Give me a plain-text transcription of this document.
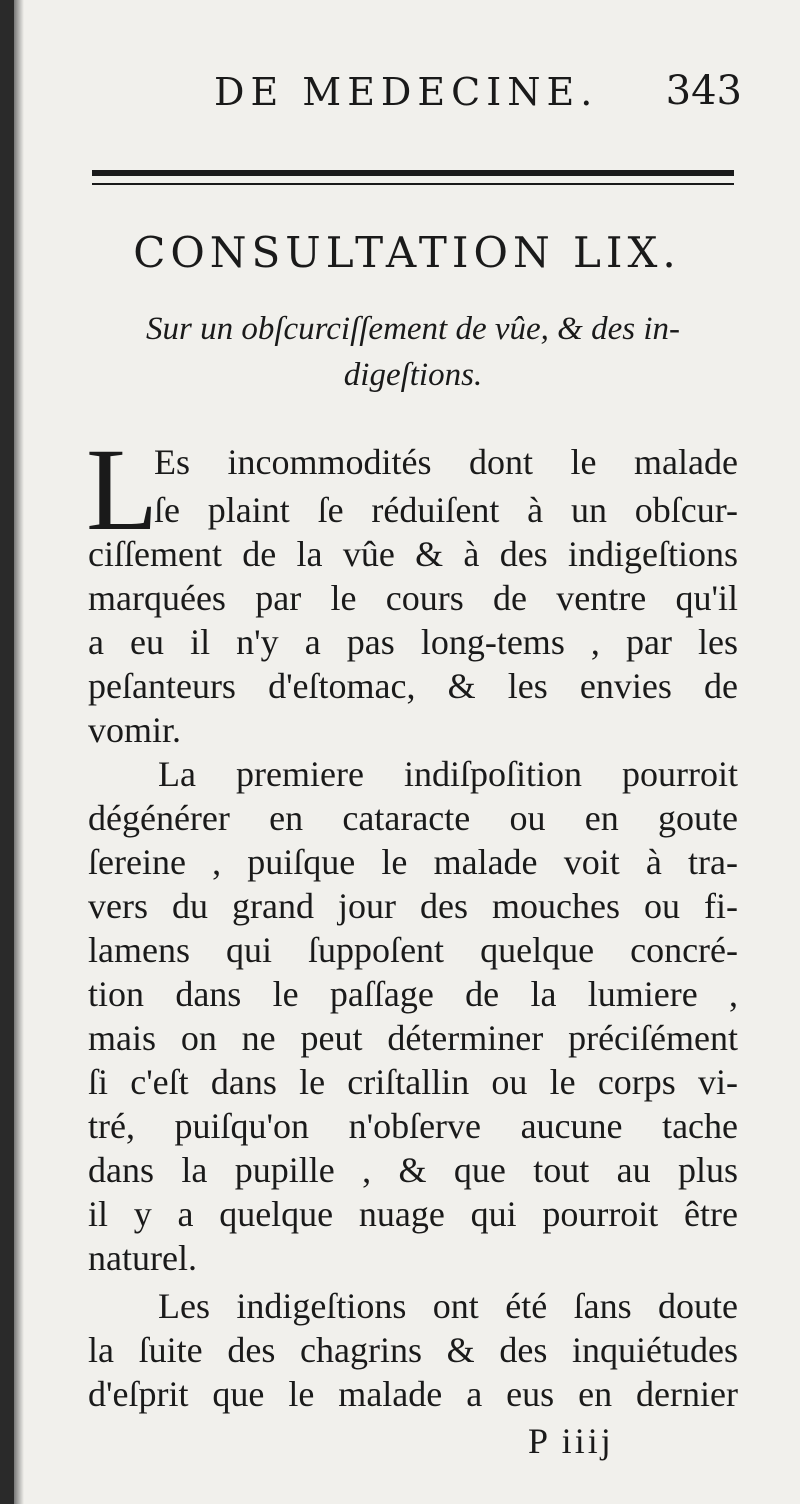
DE MEDECINE. 343
CONSULTATION LIX.
Sur un obſcurciſſement de vûe, & des in-
digeſtions.
L
Es incommodités dont le malade
ſe plaint ſe réduiſent à un obſcur-
ciſſement de la vûe & à des indigeſtions
marquées par le cours de ventre qu'il
a eu il n'y a pas long-tems , par les
peſanteurs d'eſtomac, & les envies de
vomir.
La premiere indiſpoſition pourroit
dégénérer en cataracte ou en goute
ſereine , puiſque le malade voit à tra-
vers du grand jour des mouches ou fi-
lamens qui ſuppoſent quelque concré-
tion dans le paſſage de la lumiere ,
mais on ne peut déterminer préciſément
ſi c'eſt dans le criſtallin ou le corps vi-
tré, puiſqu'on n'obſerve aucune tache
dans la pupille , & que tout au plus
il y a quelque nuage qui pourroit être
naturel.
Les indigeſtions ont été ſans doute
la ſuite des chagrins & des inquiétudes
d'eſprit que le malade a eus en dernier
P iiij
